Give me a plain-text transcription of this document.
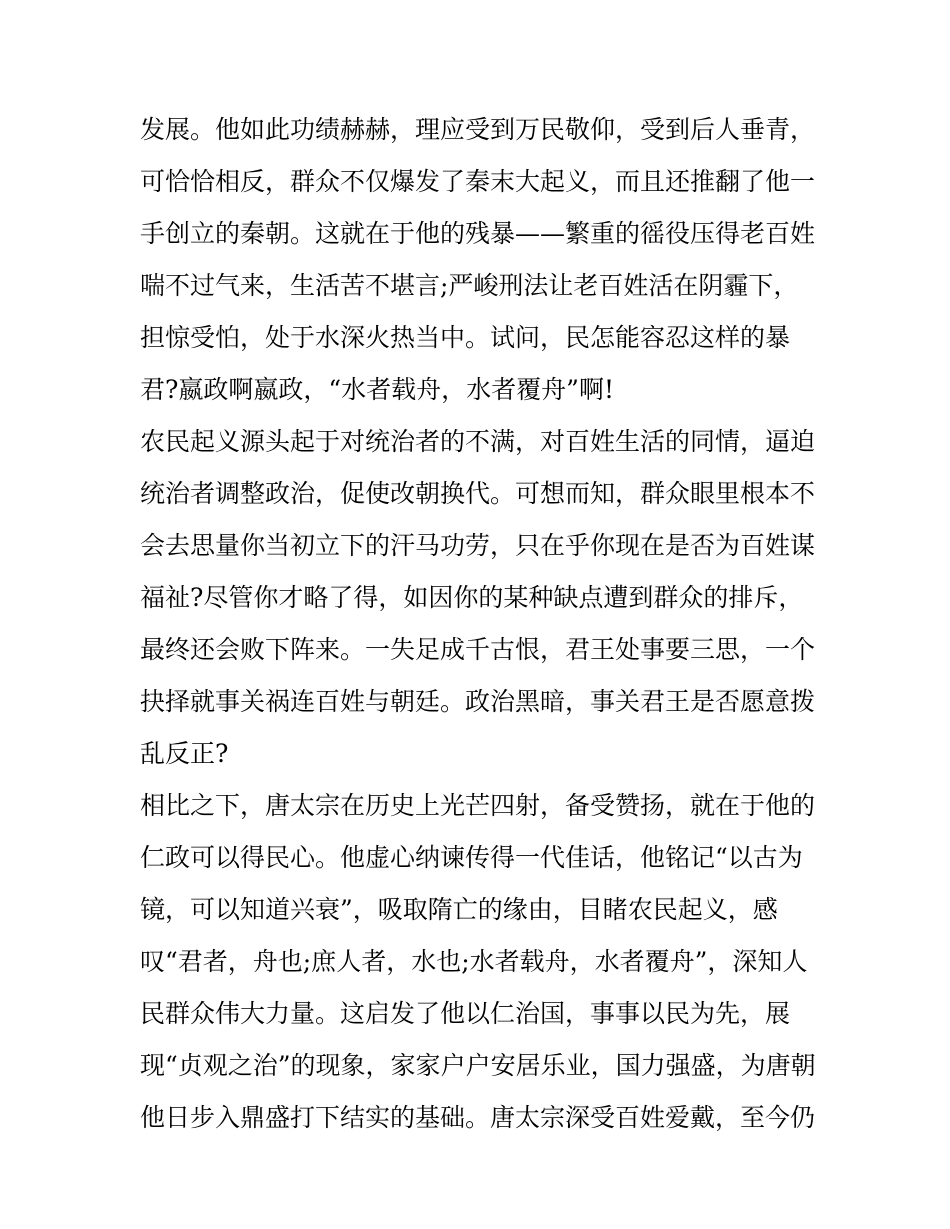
发展。他如此功绩赫赫，理应受到万民敬仰，受到后人垂青，
可恰恰相反，群众不仅爆发了秦末大起义，而且还推翻了他一
手创立的秦朝。这就在于他的残暴——繁重的徭役压得老百姓
喘不过气来，生活苦不堪言;严峻刑法让老百姓活在阴霾下，
担惊受怕，处于水深火热当中。试问，民怎能容忍这样的暴
君?嬴政啊嬴政，“水者载舟，水者覆舟”啊!
农民起义源头起于对统治者的不满，对百姓生活的同情，逼迫
统治者调整政治，促使改朝换代。可想而知，群众眼里根本不
会去思量你当初立下的汗马功劳，只在乎你现在是否为百姓谋
福祉?尽管你才略了得，如因你的某种缺点遭到群众的排斥，
最终还会败下阵来。一失足成千古恨，君王处事要三思，一个
抉择就事关祸连百姓与朝廷。政治黑暗，事关君王是否愿意拨
乱反正?
相比之下，唐太宗在历史上光芒四射，备受赞扬，就在于他的
仁政可以得民心。他虚心纳谏传得一代佳话，他铭记“以古为
镜，可以知道兴衰”，吸取隋亡的缘由，目睹农民起义，感
叹“君者，舟也;庶人者，水也;水者载舟，水者覆舟”，深知人
民群众伟大力量。这启发了他以仁治国，事事以民为先，展
现“贞观之治”的现象，家家户户安居乐业，国力强盛，为唐朝
他日步入鼎盛打下结实的基础。唐太宗深受百姓爱戴，至今仍
